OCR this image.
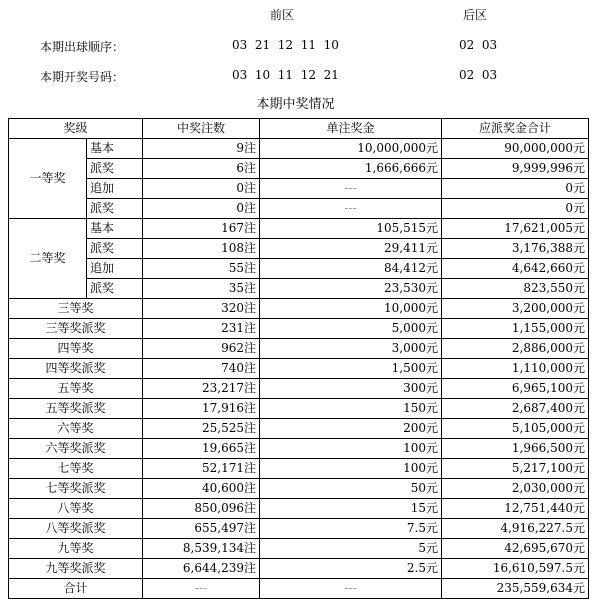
前区	后区
本期出球顺序：	03  21  12  11  10	02  03
本期开奖号码：	03  10  11  12  21	02  03
本期中奖情况
奖级		中奖注数	单注奖金	应派奖金合计
一等奖	基本	9注	10,000,000元	90,000,000元
	派奖	6注	1,666,666元	9,999,996元
	追加	0注	---	0元
	派奖	0注	---	0元
二等奖	基本	167注	105,515元	17,621,005元
	派奖	108注	29,411元	3,176,388元
	追加	55注	84,412元	4,642,660元
	派奖	35注	23,530元	823,550元
三等奖		320注	10,000元	3,200,000元
三等奖派奖		231注	5,000元	1,155,000元
四等奖		962注	3,000元	2,886,000元
四等奖派奖		740注	1,500元	1,110,000元
五等奖		23,217注	300元	6,965,100元
五等奖派奖		17,916注	150元	2,687,400元
六等奖		25,525注	200元	5,105,000元
六等奖派奖		19,665注	100元	1,966,500元
七等奖		52,171注	100元	5,217,100元
七等奖派奖		40,600注	50元	2,030,000元
八等奖		850,096注	15元	12,751,440元
八等奖派奖		655,497注	7.5元	4,916,227.5元
九等奖		8,539,134注	5元	42,695,670元
九等奖派奖		6,644,239注	2.5元	16,610,597.5元
合计		---	---	235,559,634元
